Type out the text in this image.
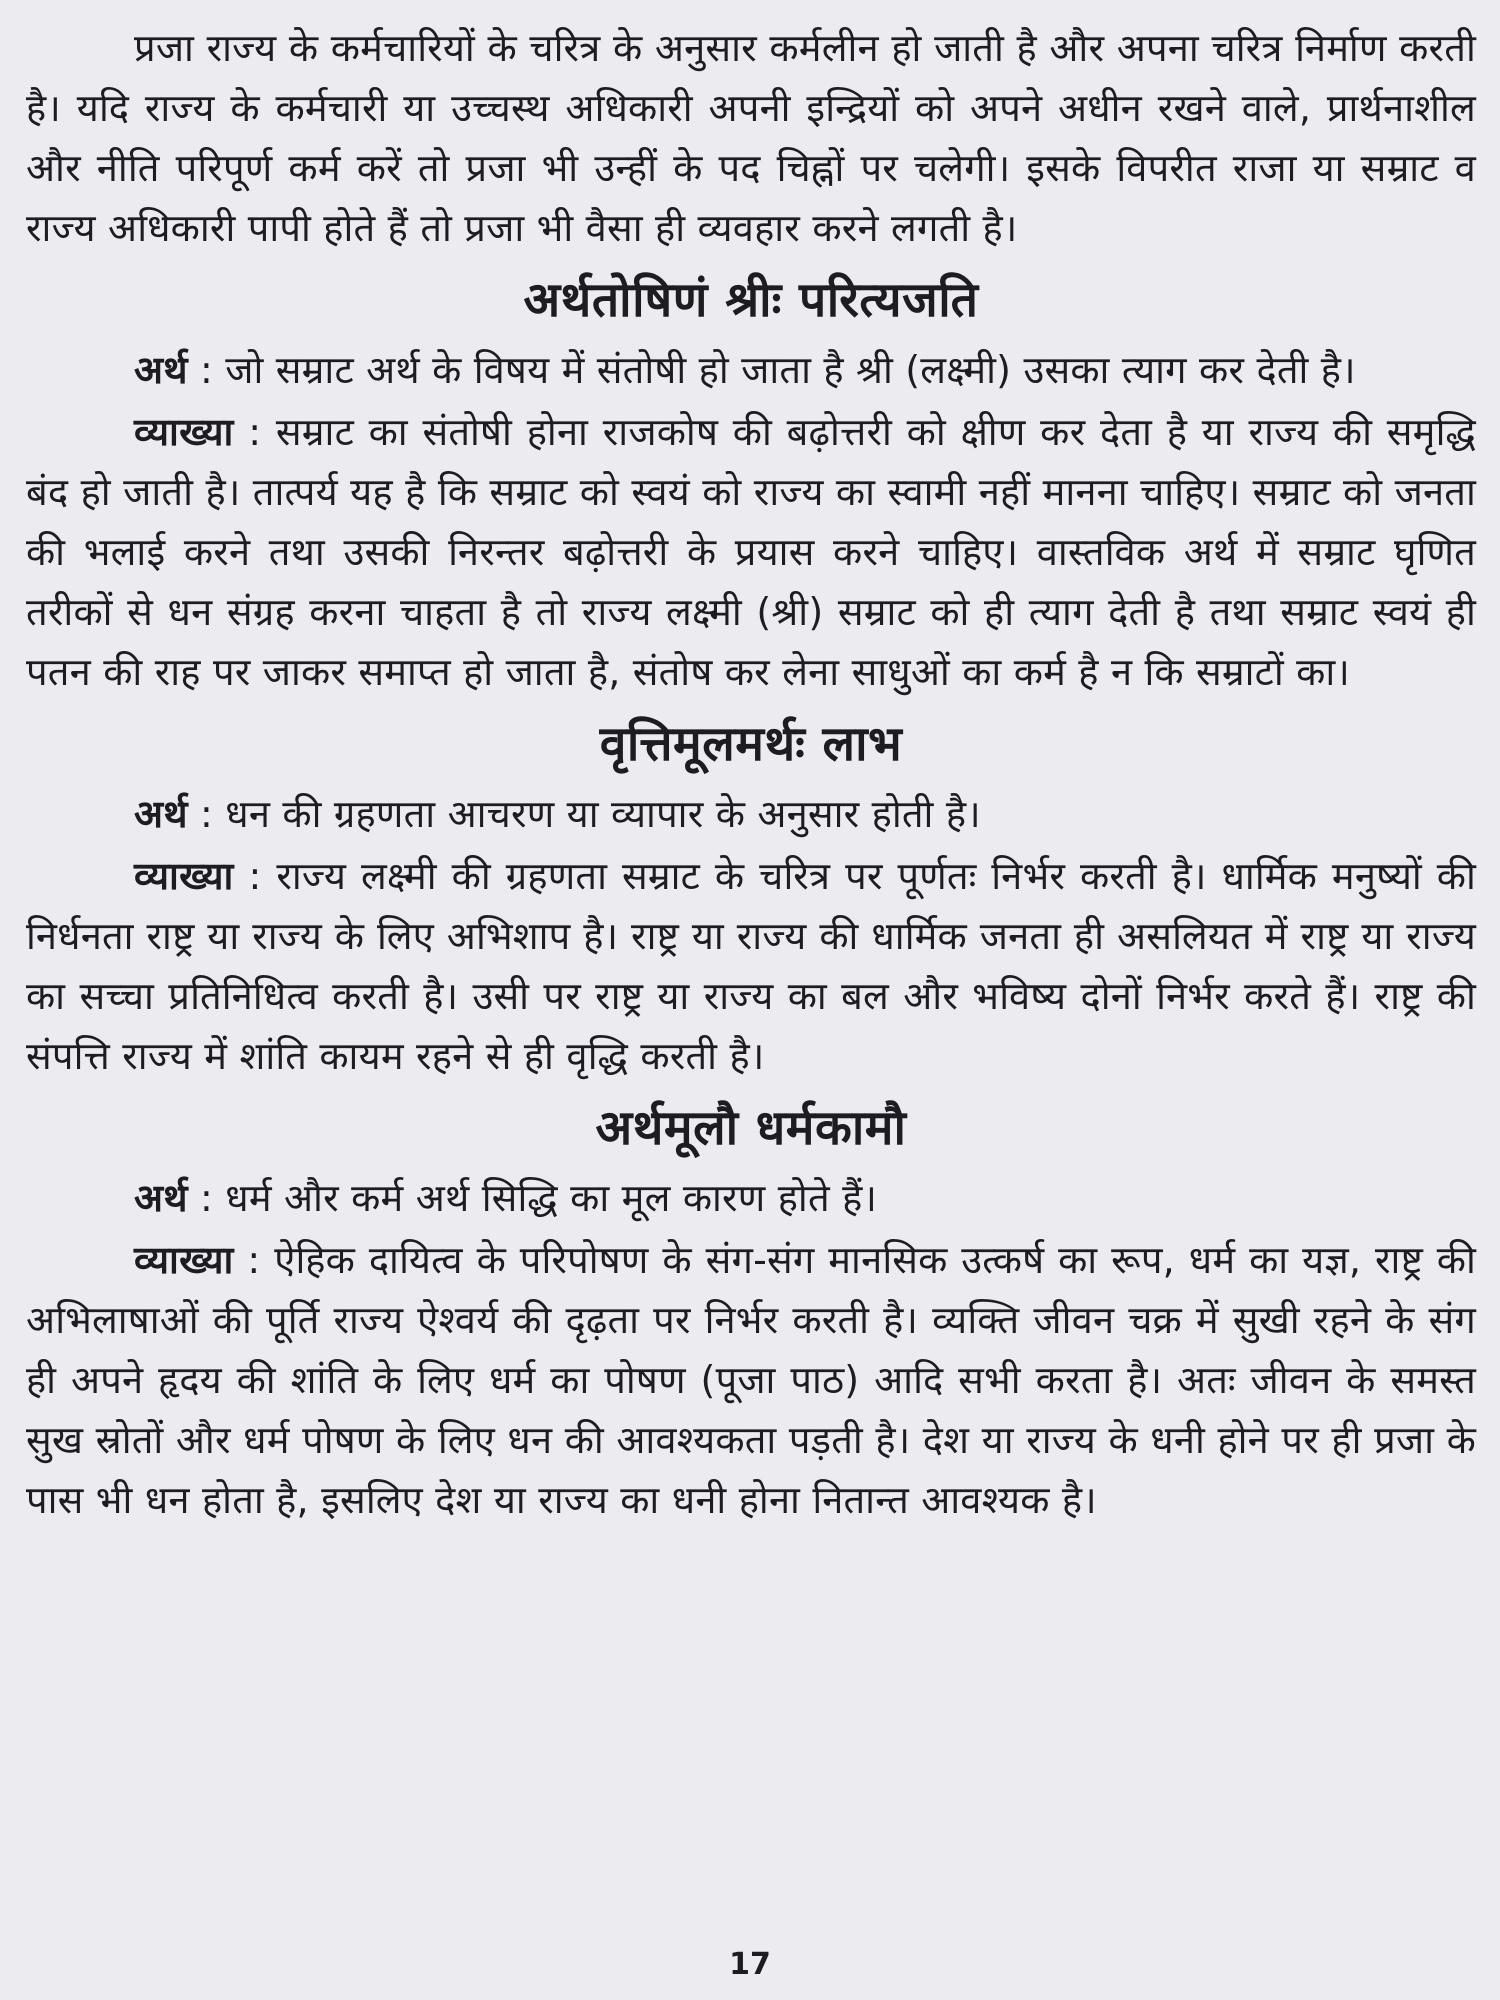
प्रजा राज्य के कर्मचारियों के चरित्र के अनुसार कर्मलीन हो जाती है और अपना चरित्र निर्माण करती है। यदि राज्य के कर्मचारी या उच्चस्थ अधिकारी अपनी इन्द्रियों को अपने अधीन रखने वाले, प्रार्थनाशील और नीति परिपूर्ण कर्म करें तो प्रजा भी उन्हीं के पद चिह्नों पर चलेगी। इसके विपरीत राजा या सम्राट व राज्य अधिकारी पापी होते हैं तो प्रजा भी वैसा ही व्यवहार करने लगती है।

अर्थतोषिणं श्रीः परित्यजति

अर्थ : जो सम्राट अर्थ के विषय में संतोषी हो जाता है श्री (लक्ष्मी) उसका त्याग कर देती है।

व्याख्या : सम्राट का संतोषी होना राजकोष की बढ़ोत्तरी को क्षीण कर देता है या राज्य की समृद्धि बंद हो जाती है। तात्पर्य यह है कि सम्राट को स्वयं को राज्य का स्वामी नहीं मानना चाहिए। सम्राट को जनता की भलाई करने तथा उसकी निरन्तर बढ़ोत्तरी के प्रयास करने चाहिए। वास्तविक अर्थ में सम्राट घृणित तरीकों से धन संग्रह करना चाहता है तो राज्य लक्ष्मी (श्री) सम्राट को ही त्याग देती है तथा सम्राट स्वयं ही पतन की राह पर जाकर समाप्त हो जाता है, संतोष कर लेना साधुओं का कर्म है न कि सम्राटों का।

वृत्तिमूलमर्थः लाभ

अर्थ : धन की ग्रहणता आचरण या व्यापार के अनुसार होती है।

व्याख्या : राज्य लक्ष्मी की ग्रहणता सम्राट के चरित्र पर पूर्णतः निर्भर करती है। धार्मिक मनुष्यों की निर्धनता राष्ट्र या राज्य के लिए अभिशाप है। राष्ट्र या राज्य की धार्मिक जनता ही असलियत में राष्ट्र या राज्य का सच्चा प्रतिनिधित्व करती है। उसी पर राष्ट्र या राज्य का बल और भविष्य दोनों निर्भर करते हैं। राष्ट्र की संपत्ति राज्य में शांति कायम रहने से ही वृद्धि करती है।

अर्थमूलौ धर्मकामौ

अर्थ : धर्म और कर्म अर्थ सिद्धि का मूल कारण होते हैं।

व्याख्या : ऐहिक दायित्व के परिपोषण के संग-संग मानसिक उत्कर्ष का रूप, धर्म का यज्ञ, राष्ट्र की अभिलाषाओं की पूर्ति राज्य ऐश्वर्य की दृढ़ता पर निर्भर करती है। व्यक्ति जीवन चक्र में सुखी रहने के संग ही अपने हृदय की शांति के लिए धर्म का पोषण (पूजा पाठ) आदि सभी करता है। अतः जीवन के समस्त सुख स्रोतों और धर्म पोषण के लिए धन की आवश्यकता पड़ती है। देश या राज्य के धनी होने पर ही प्रजा के पास भी धन होता है, इसलिए देश या राज्य का धनी होना नितान्त आवश्यक है।

17
